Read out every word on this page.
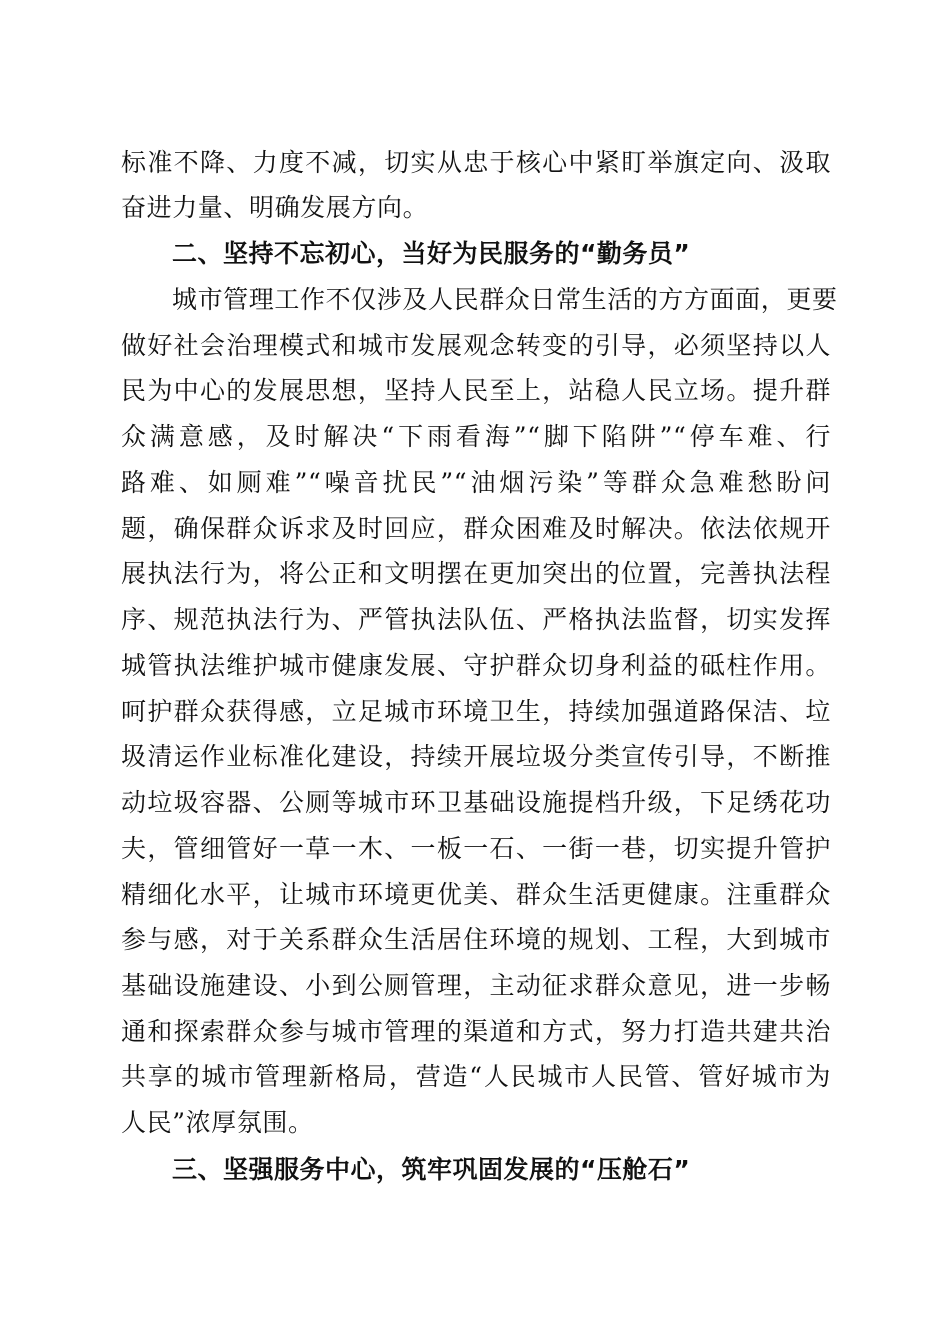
标准不降、力度不减，切实从忠于核心中紧盯举旗定向、汲取
奋进力量、明确发展方向。
二、坚持不忘初心，当好为民服务的“勤务员”
城市管理工作不仅涉及人民群众日常生活的方方面面，更要
做好社会治理模式和城市发展观念转变的引导，必须坚持以人
民为中心的发展思想，坚持人民至上，站稳人民立场。提升群
众满意感，及时解决“下雨看海”“脚下陷阱”“停车难、行
路难、如厕难”“噪音扰民”“油烟污染”等群众急难愁盼问
题，确保群众诉求及时回应，群众困难及时解决。依法依规开
展执法行为，将公正和文明摆在更加突出的位置，完善执法程
序、规范执法行为、严管执法队伍、严格执法监督，切实发挥
城管执法维护城市健康发展、守护群众切身利益的砥柱作用。
呵护群众获得感，立足城市环境卫生，持续加强道路保洁、垃
圾清运作业标准化建设，持续开展垃圾分类宣传引导，不断推
动垃圾容器、公厕等城市环卫基础设施提档升级，下足绣花功
夫，管细管好一草一木、一板一石、一街一巷，切实提升管护
精细化水平，让城市环境更优美、群众生活更健康。注重群众
参与感，对于关系群众生活居住环境的规划、工程，大到城市
基础设施建设、小到公厕管理，主动征求群众意见，进一步畅
通和探索群众参与城市管理的渠道和方式，努力打造共建共治
共享的城市管理新格局，营造“人民城市人民管、管好城市为
人民”浓厚氛围。
三、坚强服务中心，筑牢巩固发展的“压舱石”
